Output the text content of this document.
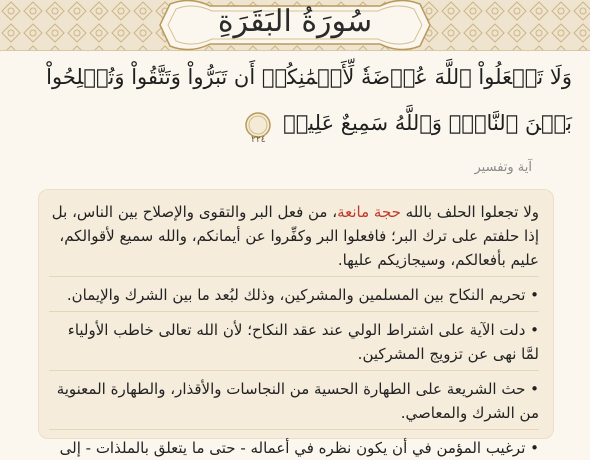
سُورَةُ البَقَرَةِ
وَلَا تَجۡعَلُواْ ٱللَّهَ عُرۡضَةٗ لِّأَيۡمَٰنِكُمۡ أَن تَبَرُّواْ وَتَتَّقُواْ وَتُصۡلِحُواْ بَيۡنَ ٱلنَّاسِۚ وَٱللَّهُ سَمِيعٌ عَلِيمٞ
٢٢٤
آية وتفسير

ولا تجعلوا الحلف بالله حجة مانعة، من فعل البر والتقوى والإصلاح بين الناس، بل إذا حلفتم على ترك البر؛ فافعلوا البر وكفِّروا عن أيمانكم، والله سميع لأقوالكم، عليم بأفعالكم، وسيجازيكم عليها.

• تحريم النكاح بين المسلمين والمشركين، وذلك لبُعد ما بين الشرك والإيمان.

• دلت الآية على اشتراط الولي عند عقد النكاح؛ لأن الله تعالى خاطب الأولياء لمَّا نهى عن تزويج المشركين.

• حث الشريعة على الطهارة الحسية من النجاسات والأقذار، والطهارة المعنوية من الشرك والمعاصي.

• ترغيب المؤمن في أن يكون نظره في أعماله - حتى ما يتعلق بالملذات - إلى
